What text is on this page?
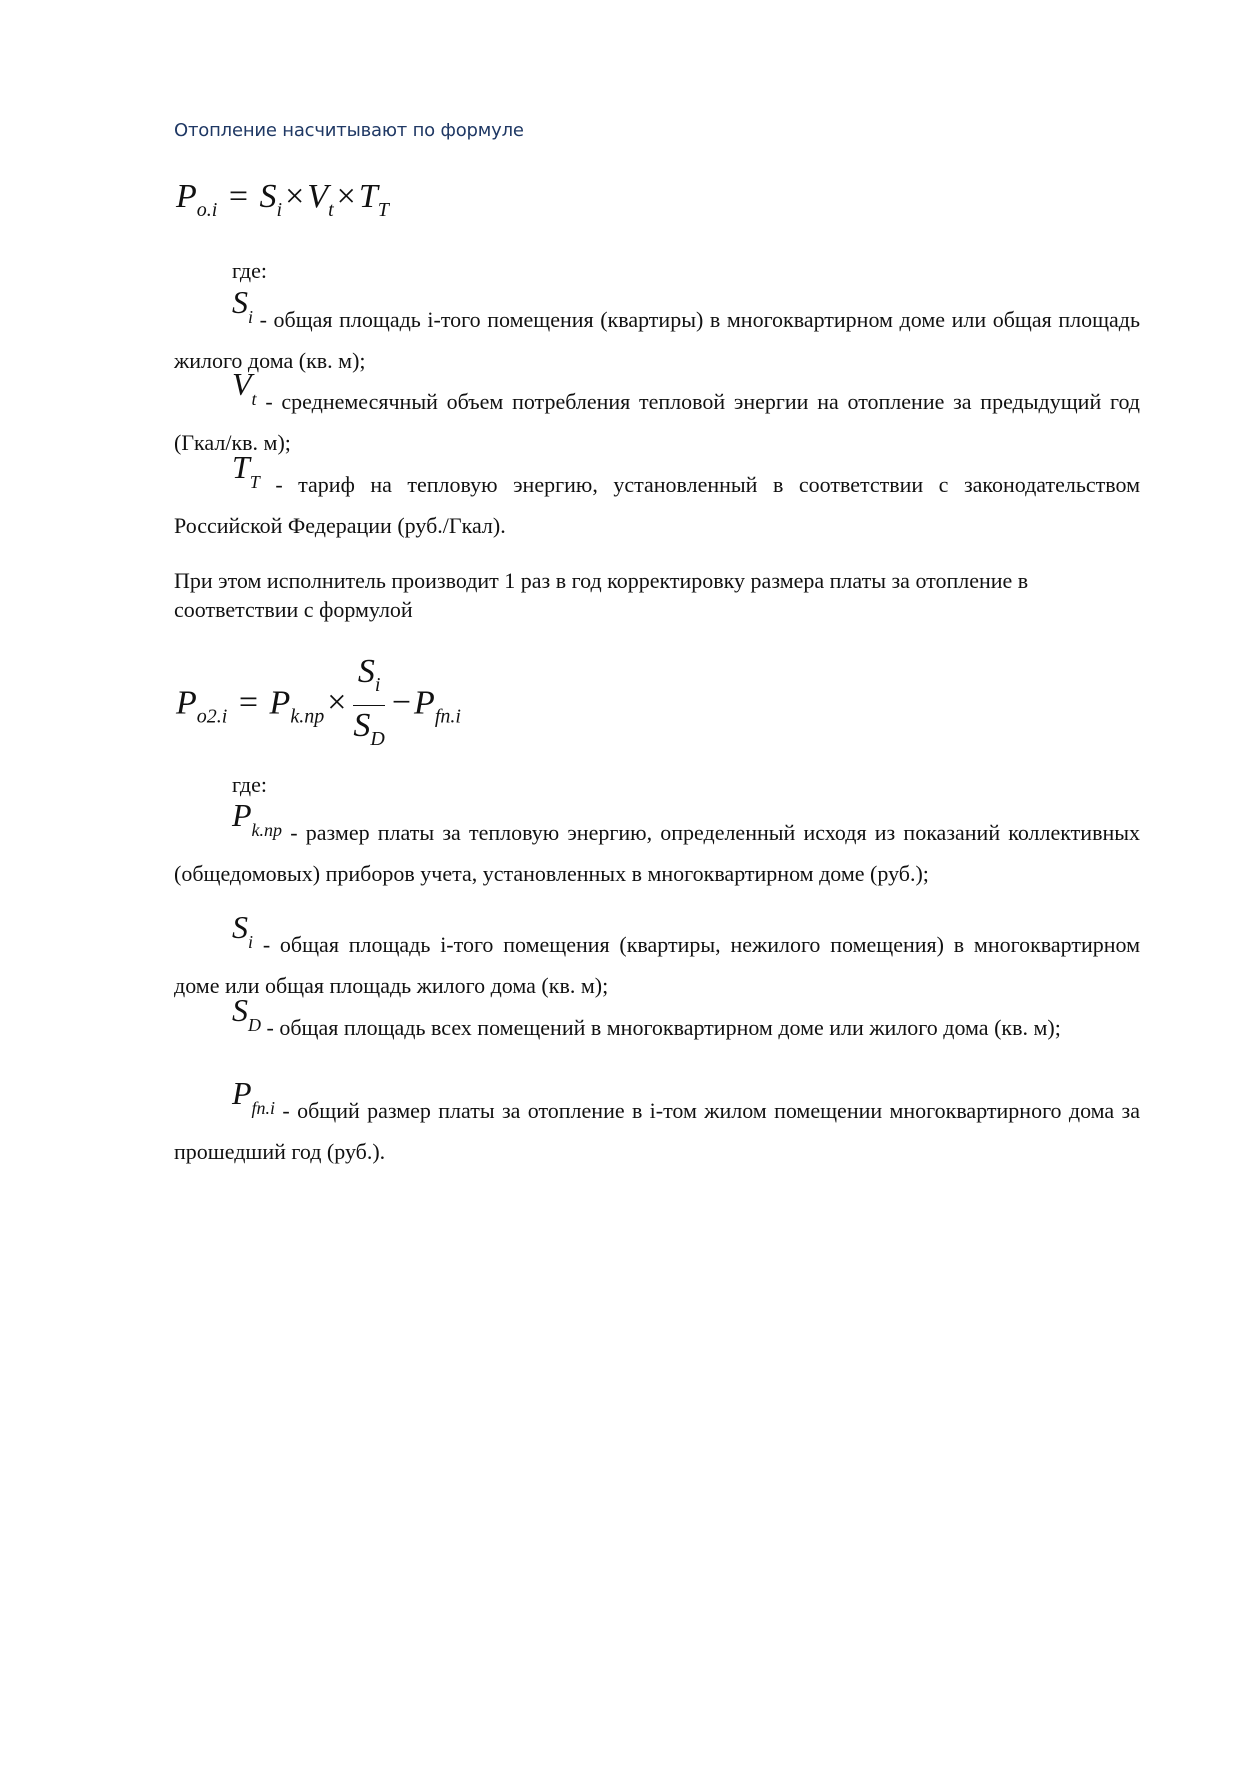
Отопление насчитывают по формуле
$P_{o.i} = S_i\times V_t\times T_T$
где:
$S_i$ - общая площадь i-того помещения (квартиры) в многоквартирном доме или общая площадь жилого дома (кв. м);
$V_t$ - среднемесячный объем потребления тепловой энергии на отопление за предыдущий год (Гкал/кв. м);
$T_T$ - тариф на тепловую энергию, установленный в соответствии с законодательством Российской Федерации (руб./Гкал).
При этом исполнитель производит 1 раз в год корректировку размера платы за отопление в соответствии с формулой
$P_{o2.i} = P_{k.пр}\times \frac{S_i}{S_D} -P_{fn.i}$
где:
$P_{k.пр}$ - размер платы за тепловую энергию, определенный исходя из показаний коллективных (общедомовых) приборов учета, установленных в многоквартирном доме (руб.);
$S_i$ - общая площадь i-того помещения (квартиры, нежилого помещения) в многоквартирном доме или общая площадь жилого дома (кв. м);
$S_D$ - общая площадь всех помещений в многоквартирном доме или жилого дома (кв. м);
$P_{fn.i}$ - общий размер платы за отопление в i-том жилом помещении многоквартирного дома за прошедший год (руб.).
